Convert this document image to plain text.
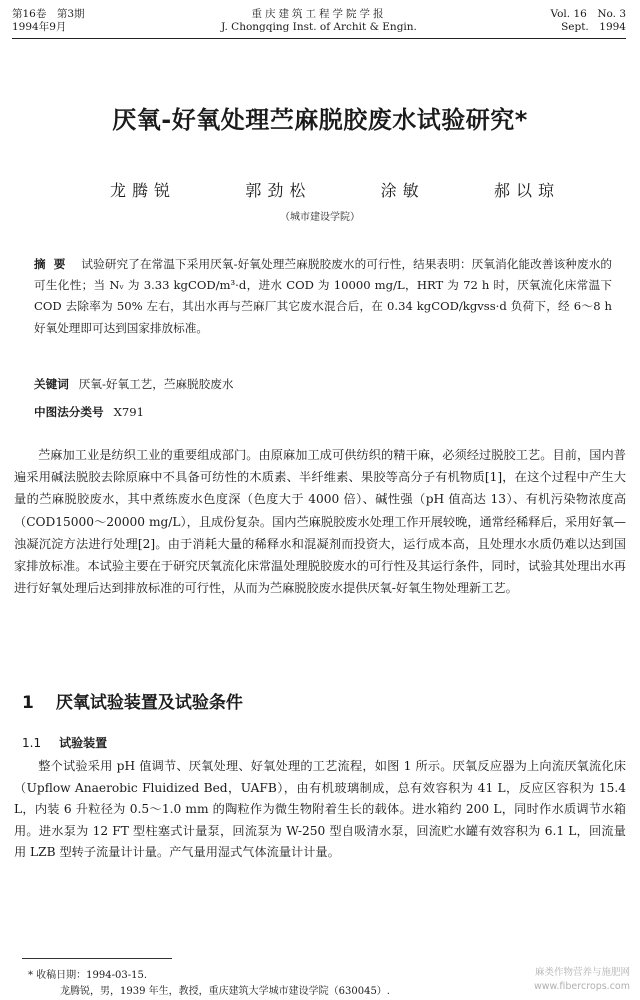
第16卷　第3期
1994年9月
重庆建筑工程学院学报
J. Chongqing Inst. of Archit & Engin.
Vol. 16　No. 3
Sept.　1994
厌氧-好氧处理苎麻脱胶废水试验研究*
龙腾锐	郭劲松	涂敏	郝以琼
（城市建设学院）
摘要 试验研究了在常温下采用厌氧-好氧处理苎麻脱胶废水的可行性，结果表明：厌氧消化能改善该种废水的可生化性；当 Nᵥ 为 3.33 kgCOD/m³·d，进水 COD 为 10000 mg/L，HRT 为 72 h 时，厌氧流化床常温下 COD 去除率为 50% 左右，其出水再与苎麻厂其它废水混合后，在 0.34 kgCOD/kgvss·d 负荷下，经 6～8 h 好氧处理即可达到国家排放标准。
关键词 厌氧-好氧工艺，苎麻脱胶废水
中图法分类号 X791
苎麻加工业是纺织工业的重要组成部门。由原麻加工成可供纺织的精干麻，必须经过脱胶工艺。目前，国内普遍采用碱法脱胶去除原麻中不具备可纺性的木质素、半纤维素、果胶等高分子有机物质[1]，在这个过程中产生大量的苎麻脱胶废水，其中煮练废水色度深（色度大于 4000 倍）、碱性强（pH 值高达 13）、有机污染物浓度高（COD15000～20000 mg/L），且成份复杂。国内苎麻脱胶废水处理工作开展较晚，通常经稀释后，采用好氧—浊凝沉淀方法进行处理[2]。由于消耗大量的稀释水和混凝剂而投资大，运行成本高，且处理水水质仍难以达到国家排放标准。本试验主要在于研究厌氧流化床常温处理脱胶废水的可行性及其运行条件，同时，试验其处理出水再进行好氧处理后达到排放标准的可行性，从而为苎麻脱胶废水提供厌氧-好氧生物处理新工艺。
1 厌氧试验装置及试验条件
1.1 试验装置
整个试验采用 pH 值调节、厌氧处理、好氧处理的工艺流程，如图 1 所示。厌氧反应器为上向流厌氧流化床（Upflow Anaerobic Fluidized Bed，UAFB），由有机玻璃制成，总有效容积为 41 L，反应区容积为 15.4 L，内装 6 升粒径为 0.5～1.0 mm 的陶粒作为微生物附着生长的载体。进水箱约 200 L，同时作水质调节水箱用。进水泵为 12 FT 型柱塞式计量泵，回流泵为 W-250 型自吸清水泵，回流贮水罐有效容积为 6.1 L，回流量用 LZB 型转子流量计计量。产气量用湿式气体流量计计量。
* 收稿日期：1994-03-15.
龙腾锐，男，1939 年生，教授，重庆建筑大学城市建设学院（630045）.
麻类作物营养与施肥网
www.fibercrops.com
